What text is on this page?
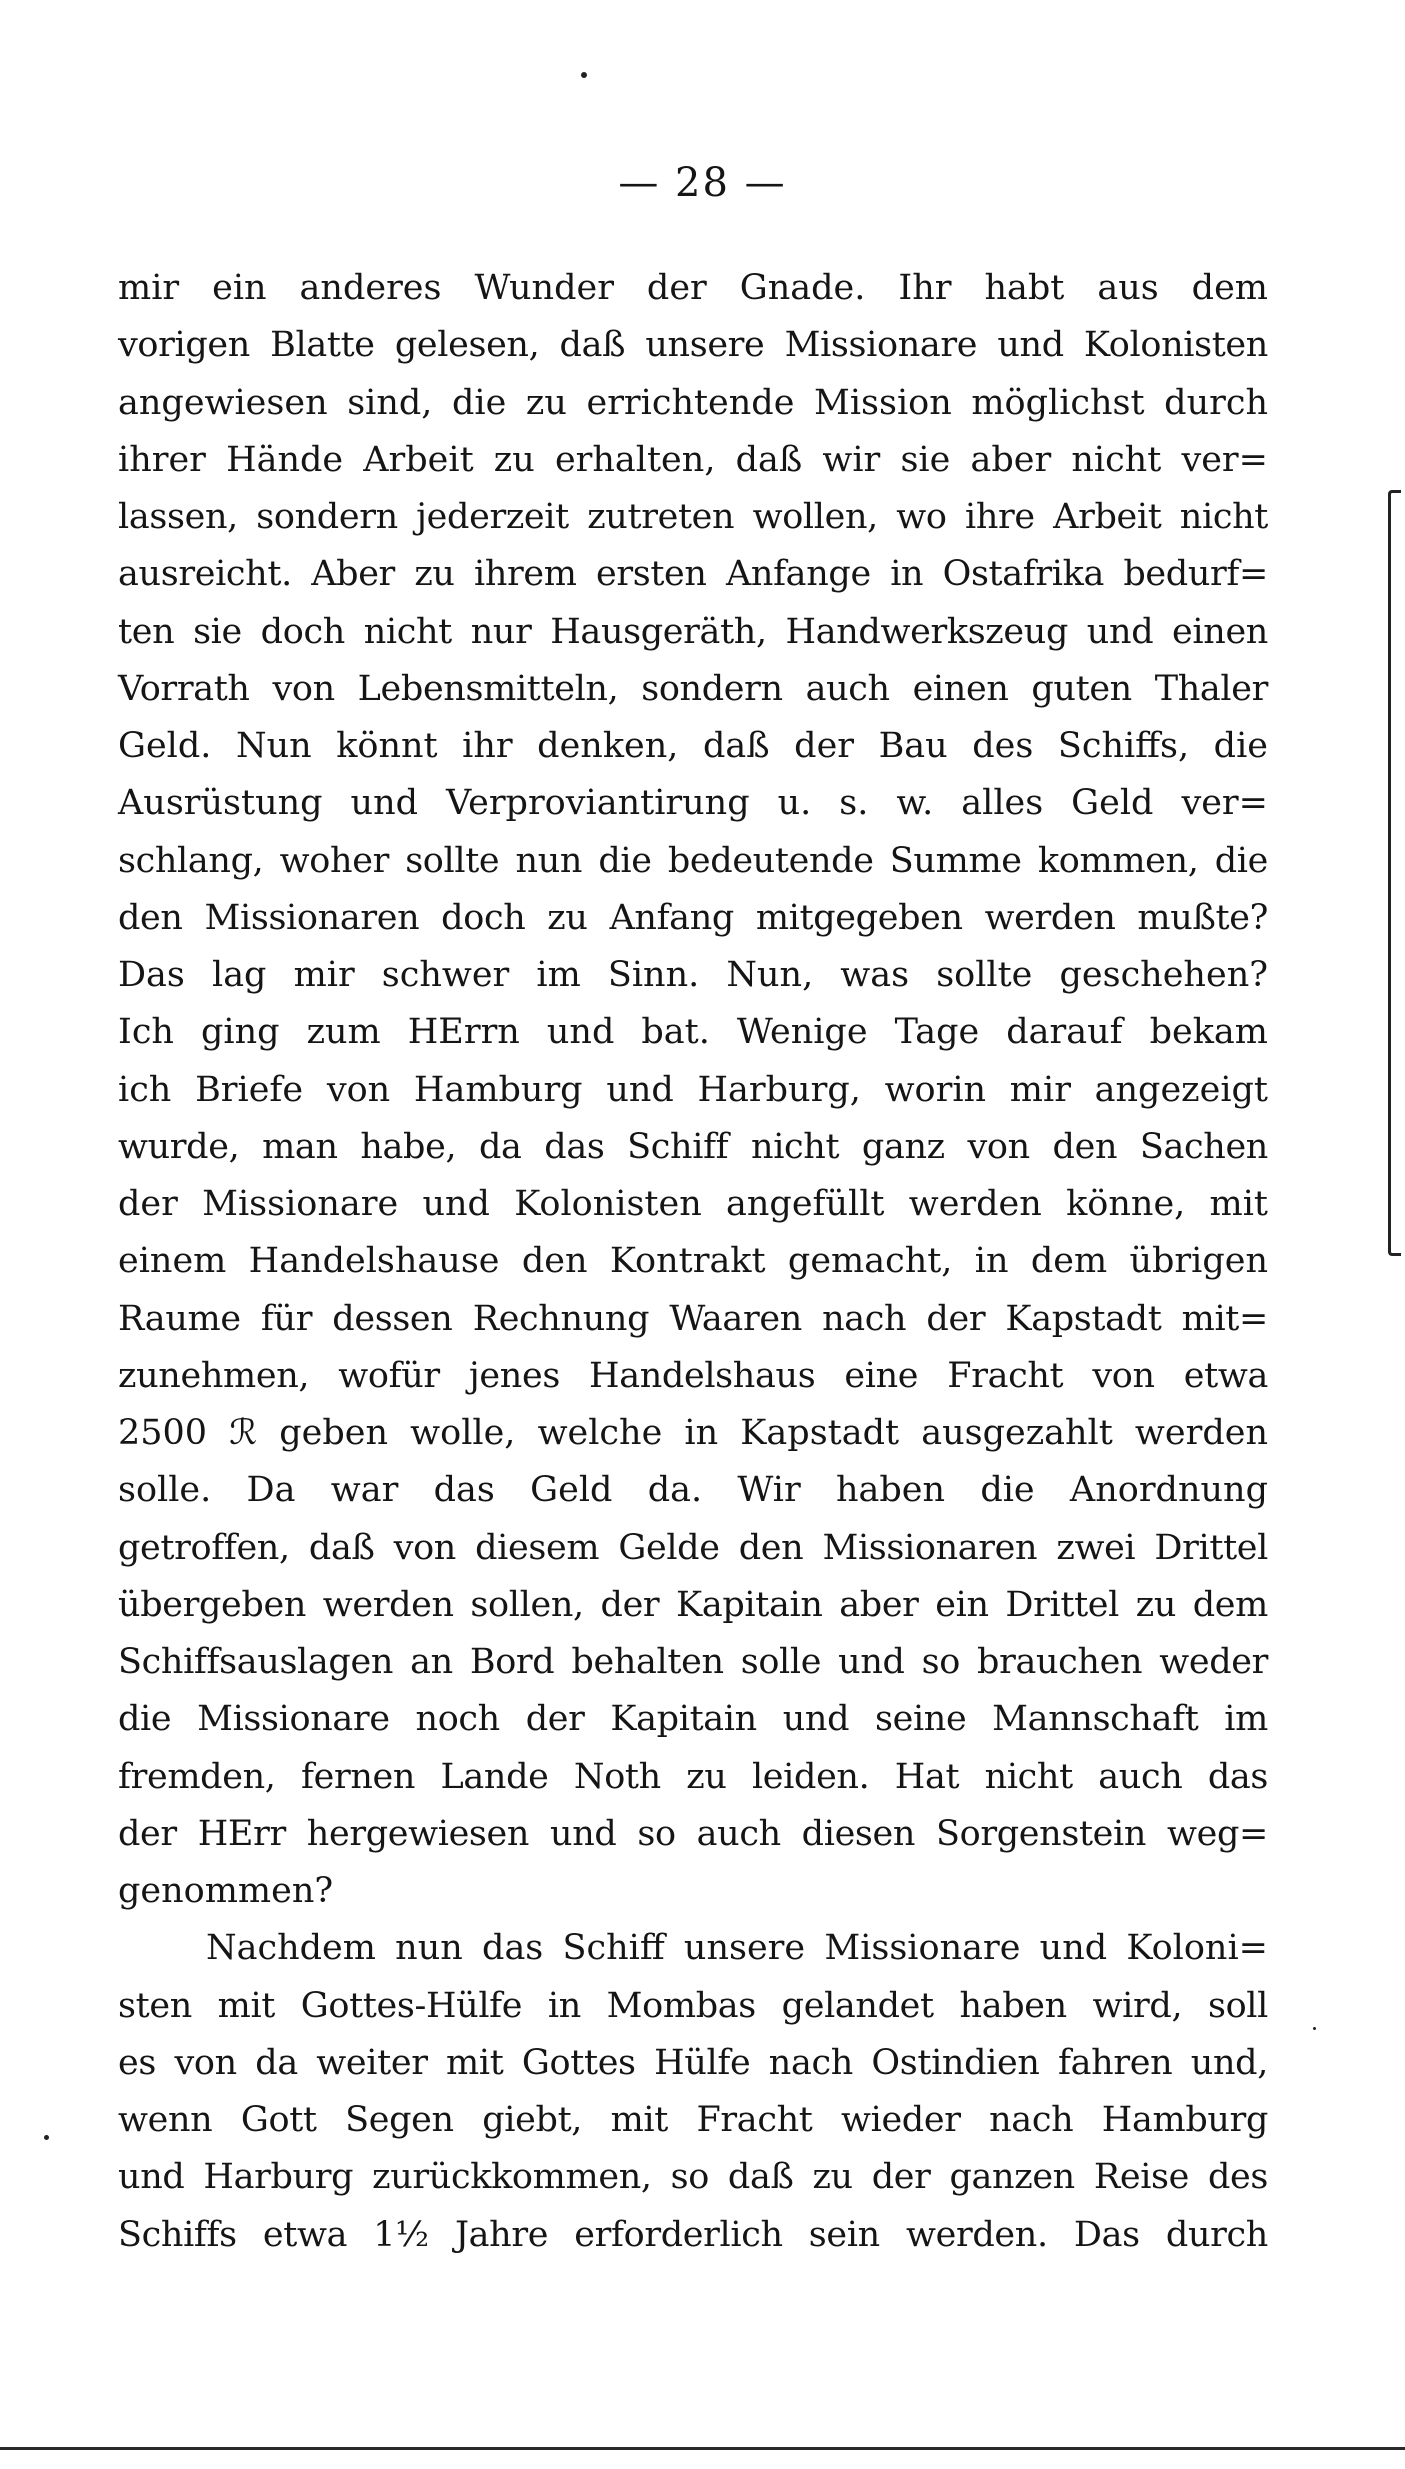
— 28 —
mir ein anderes Wunder der Gnade. Ihr habt aus dem
vorigen Blatte gelesen, daß unsere Missionare und Kolonisten
angewiesen sind, die zu errichtende Mission möglichst durch
ihrer Hände Arbeit zu erhalten, daß wir sie aber nicht ver=
lassen, sondern jederzeit zutreten wollen, wo ihre Arbeit nicht
ausreicht. Aber zu ihrem ersten Anfange in Ostafrika bedurf=
ten sie doch nicht nur Hausgeräth, Handwerkszeug und einen
Vorrath von Lebensmitteln, sondern auch einen guten Thaler
Geld. Nun könnt ihr denken, daß der Bau des Schiffs, die
Ausrüstung und Verproviantirung u. s. w. alles Geld ver=
schlang, woher sollte nun die bedeutende Summe kommen, die
den Missionaren doch zu Anfang mitgegeben werden mußte?
Das lag mir schwer im Sinn. Nun, was sollte geschehen?
Ich ging zum HErrn und bat. Wenige Tage darauf bekam
ich Briefe von Hamburg und Harburg, worin mir angezeigt
wurde, man habe, da das Schiff nicht ganz von den Sachen
der Missionare und Kolonisten angefüllt werden könne, mit
einem Handelshause den Kontrakt gemacht, in dem übrigen
Raume für dessen Rechnung Waaren nach der Kapstadt mit=
zunehmen, wofür jenes Handelshaus eine Fracht von etwa
2500 ℛ geben wolle, welche in Kapstadt ausgezahlt werden
solle. Da war das Geld da. Wir haben die Anordnung
getroffen, daß von diesem Gelde den Missionaren zwei Drittel
übergeben werden sollen, der Kapitain aber ein Drittel zu dem
Schiffsauslagen an Bord behalten solle und so brauchen weder
die Missionare noch der Kapitain und seine Mannschaft im
fremden, fernen Lande Noth zu leiden. Hat nicht auch das
der HErr hergewiesen und so auch diesen Sorgenstein weg=
genommen?
Nachdem nun das Schiff unsere Missionare und Koloni=
sten mit Gottes-Hülfe in Mombas gelandet haben wird, soll
es von da weiter mit Gottes Hülfe nach Ostindien fahren und,
wenn Gott Segen giebt, mit Fracht wieder nach Hamburg
und Harburg zurückkommen, so daß zu der ganzen Reise des
Schiffs etwa 1½ Jahre erforderlich sein werden. Das durch
